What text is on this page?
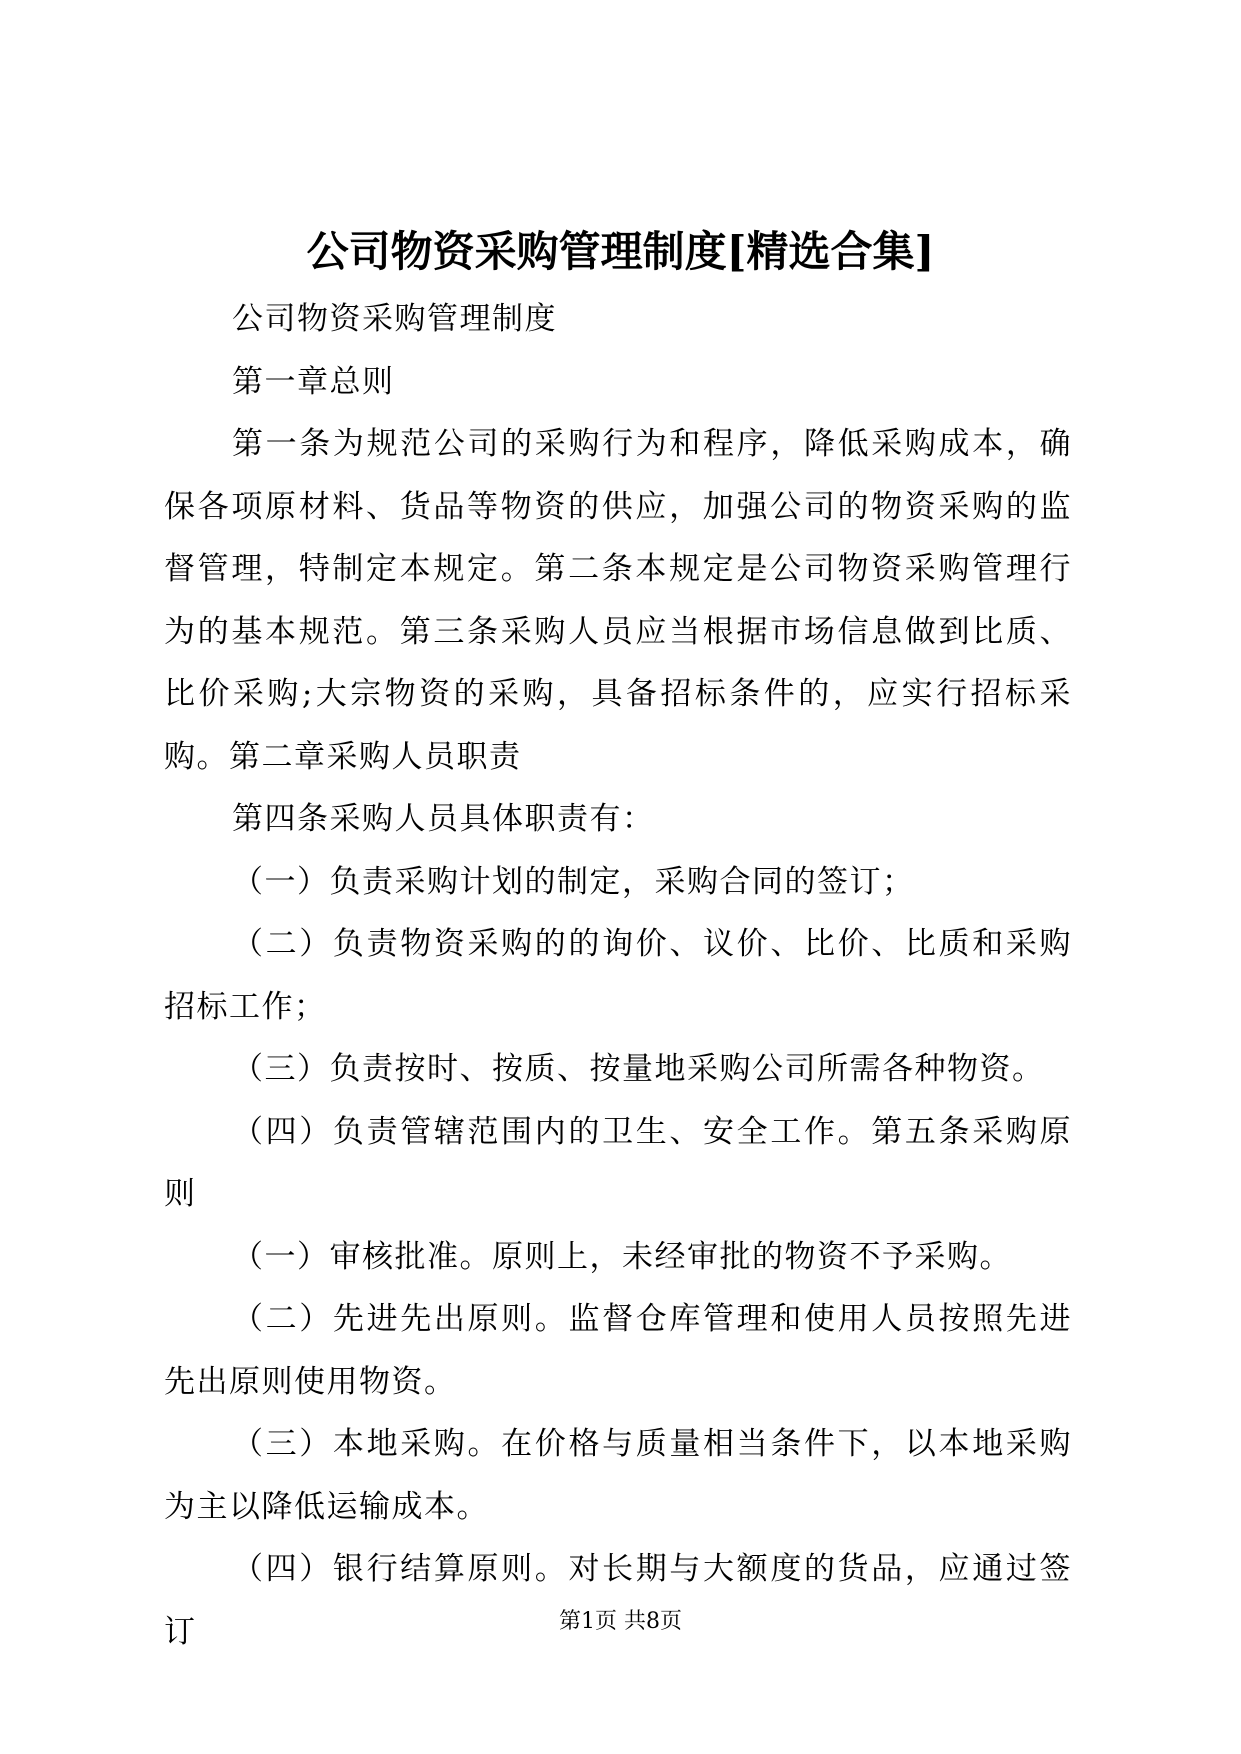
公司物资采购管理制度[精选合集]

公司物资采购管理制度

第一章总则

第一条为规范公司的采购行为和程序，降低采购成本，确保各项原材料、货品等物资的供应，加强公司的物资采购的监督管理，特制定本规定。第二条本规定是公司物资采购管理行为的基本规范。第三条采购人员应当根据市场信息做到比质、比价采购;大宗物资的采购，具备招标条件的，应实行招标采购。第二章采购人员职责

第四条采购人员具体职责有：

（一）负责采购计划的制定，采购合同的签订；

（二）负责物资采购的的询价、议价、比价、比质和采购招标工作；

（三）负责按时、按质、按量地采购公司所需各种物资。

（四）负责管辖范围内的卫生、安全工作。第五条采购原则

（一）审核批准。原则上，未经审批的物资不予采购。

（二）先进先出原则。监督仓库管理和使用人员按照先进先出原则使用物资。

（三）本地采购。在价格与质量相当条件下，以本地采购为主以降低运输成本。

（四）银行结算原则。对长期与大额度的货品，应通过签订	第1页 共8页
